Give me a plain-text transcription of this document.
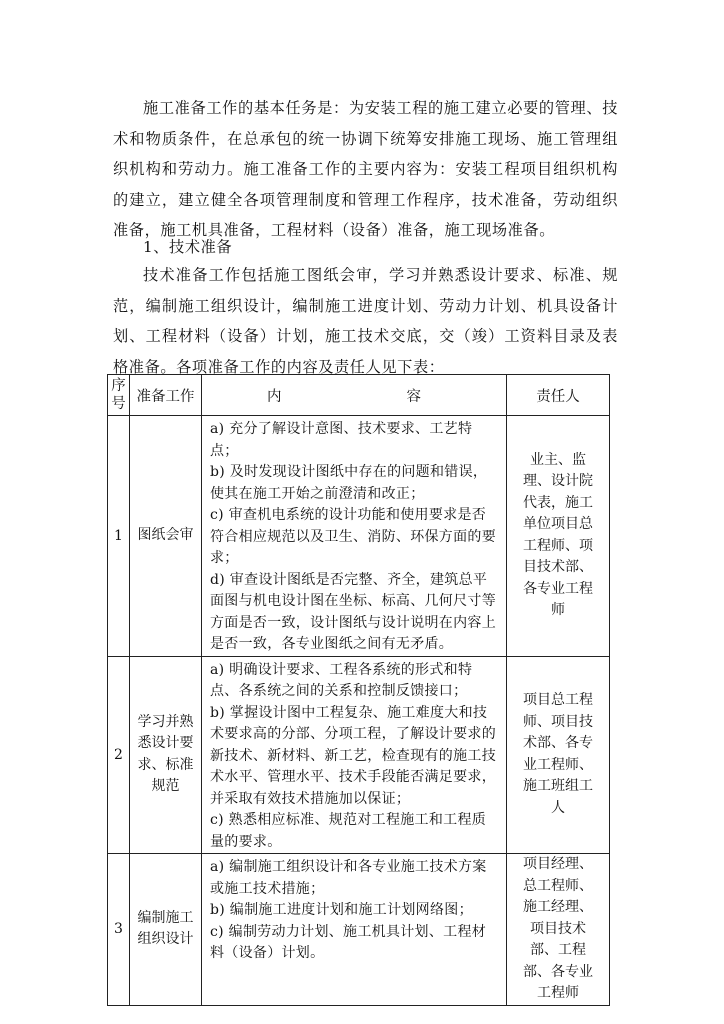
施工准备工作的基本任务是：为安装工程的施工建立必要的管理、技术和物质条件，在总承包的统一协调下统筹安排施工现场、施工管理组织机构和劳动力。施工准备工作的主要内容为：安装工程项目组织机构的建立，建立健全各项管理制度和管理工作程序，技术准备，劳动组织准备，施工机具准备，工程材料（设备）准备，施工现场准备。
1、技术准备
技术准备工作包括施工图纸会审，学习并熟悉设计要求、标准、规范，编制施工组织设计，编制施工进度计划、劳动力计划、机具设备计划、工程材料（设备）计划，施工技术交底，交（竣）工资料目录及表格准备。各项准备工作的内容及责任人见下表：
序号	准备工作	内 容	责任人
1	图纸会审	a) 充分了解设计意图、技术要求、工艺特点；
b) 及时发现设计图纸中存在的问题和错误，使其在施工开始之前澄清和改正；
c) 审查机电系统的设计功能和使用要求是否符合相应规范以及卫生、消防、环保方面的要求；
d) 审查设计图纸是否完整、齐全，建筑总平面图与机电设计图在坐标、标高、几何尺寸等方面是否一致，设计图纸与设计说明在内容上是否一致，各专业图纸之间有无矛盾。	业主、监理、设计院代表，施工单位项目总工程师、项目技术部、各专业工程师
2	学习并熟悉设计要求、标准规范	a) 明确设计要求、工程各系统的形式和特点、各系统之间的关系和控制反馈接口；
b) 掌握设计图中工程复杂、施工难度大和技术要求高的分部、分项工程，了解设计要求的新技术、新材料、新工艺，检查现有的施工技术水平、管理水平、技术手段能否满足要求，并采取有效技术措施加以保证；
c) 熟悉相应标准、规范对工程施工和工程质量的要求。	项目总工程师、项目技术部、各专业工程师、施工班组工人
3	编制施工组织设计	a) 编制施工组织设计和各专业施工技术方案或施工技术措施；
b) 编制施工进度计划和施工计划网络图；
c) 编制劳动力计划、施工机具计划、工程材料（设备）计划。	项目经理、总工程师、施工经理、项目技术部、工程部、各专业工程师
